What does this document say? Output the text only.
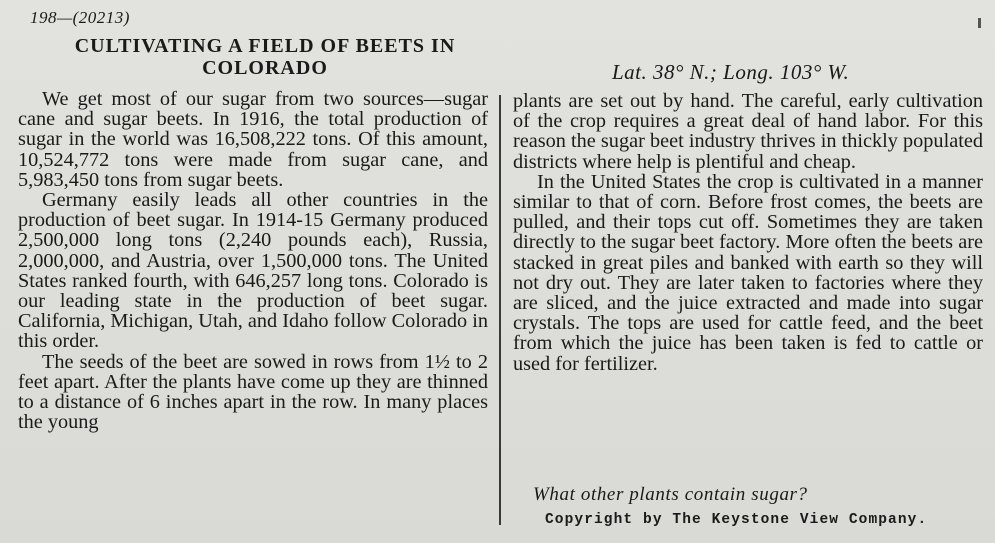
198—(20213)
CULTIVATING A FIELD OF BEETS IN
COLORADO	Lat. 38° N.; Long. 103° W.

We get most of our sugar from two sources—sugar cane and sugar beets. In 1916, the total production of sugar in the world was 16,508,222 tons. Of this amount, 10,524,772 tons were made from sugar cane, and 5,983,450 tons from sugar beets.

Germany easily leads all other countries in the production of beet sugar. In 1914-15 Germany produced 2,500,000 long tons (2,240 pounds each), Russia, 2,000,000, and Austria, over 1,500,000 tons. The United States ranked fourth, with 646,257 long tons. Colorado is our leading state in the production of beet sugar. California, Michigan, Utah, and Idaho follow Colorado in this order.

The seeds of the beet are sowed in rows from 1½ to 2 feet apart. After the plants have come up they are thinned to a distance of 6 inches apart in the row. In many places the young

plants are set out by hand. The careful, early cultivation of the crop requires a great deal of hand labor. For this reason the sugar beet industry thrives in thickly populated districts where help is plentiful and cheap.

In the United States the crop is cultivated in a manner similar to that of corn. Before frost comes, the beets are pulled, and their tops cut off. Sometimes they are taken directly to the sugar beet factory. More often the beets are stacked in great piles and banked with earth so they will not dry out. They are later taken to factories where they are sliced, and the juice extracted and made into sugar crystals. The tops are used for cattle feed, and the beet from which the juice has been taken is fed to cattle or used for fertilizer.

What other plants contain sugar?
Copyright by The Keystone View Company.
